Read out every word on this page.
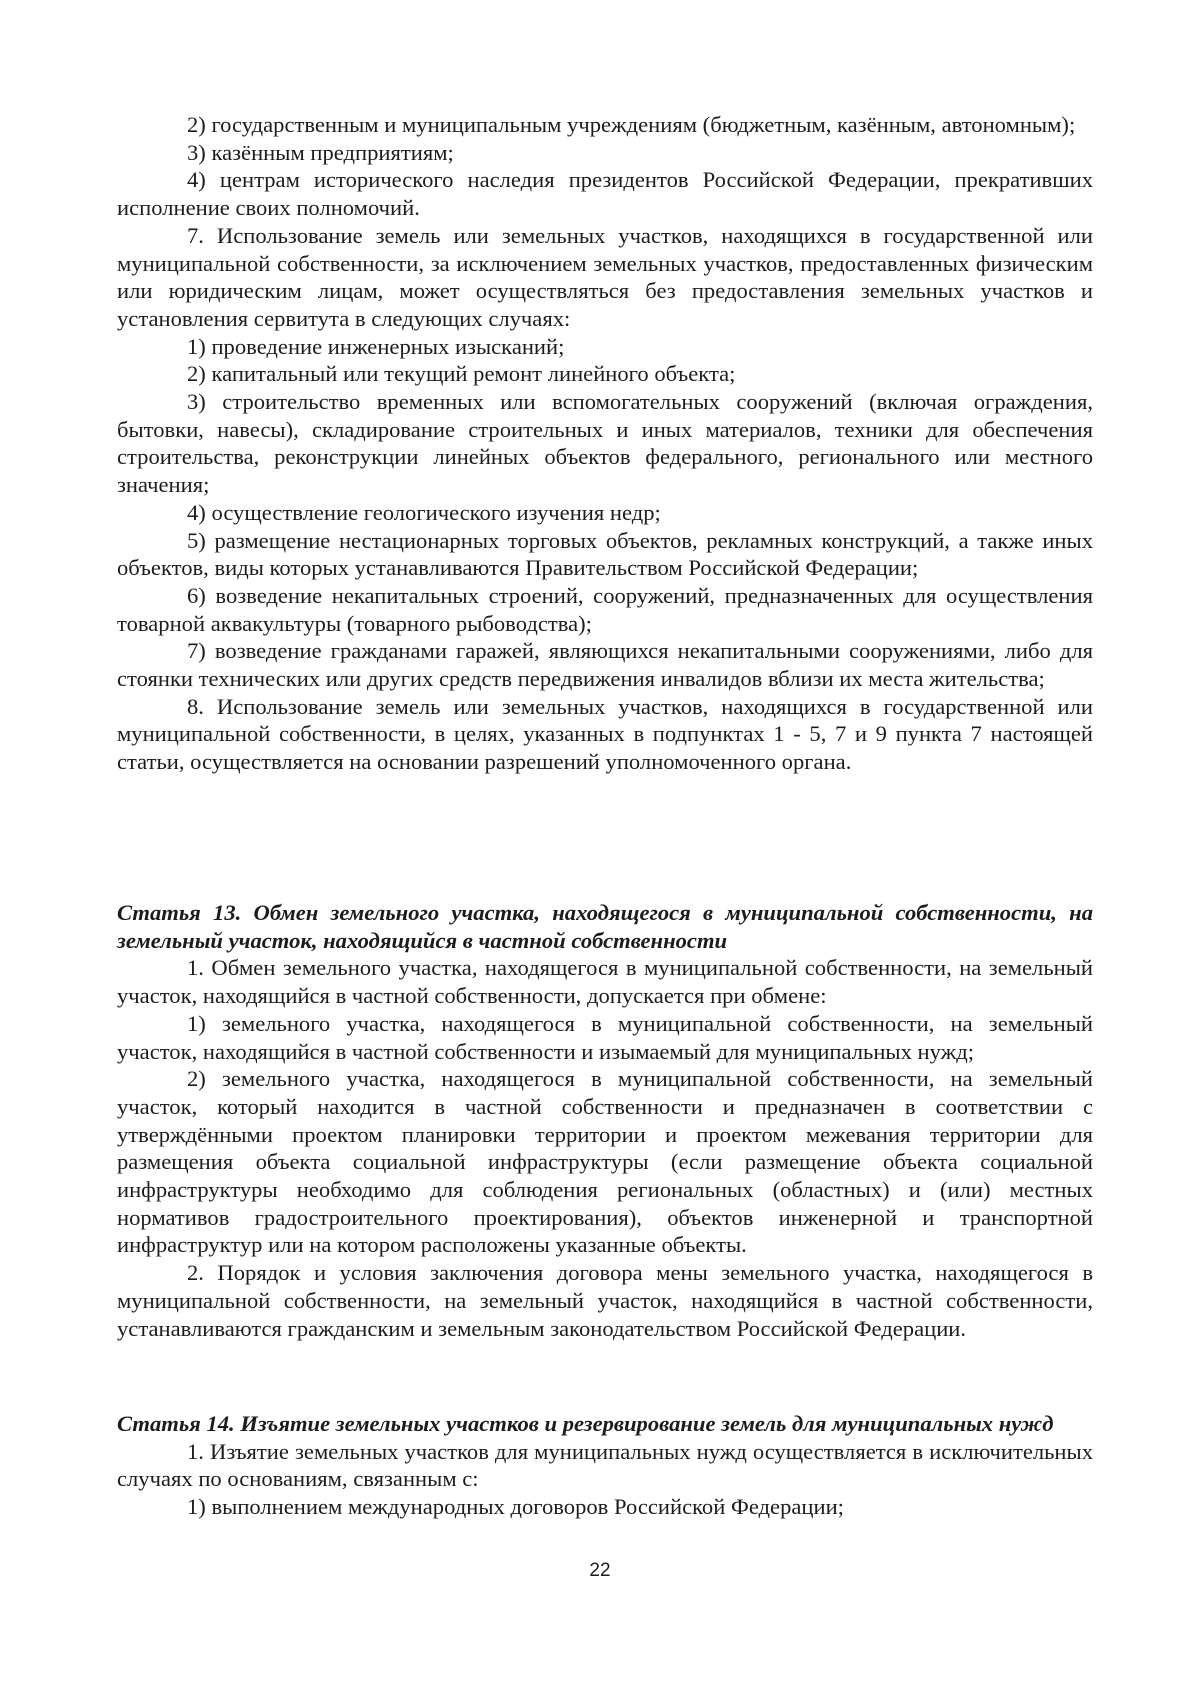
2) государственным и муниципальным учреждениям (бюджетным, казённым, автономным);

3) казённым предприятиям;

4) центрам исторического наследия президентов Российской Федерации, прекративших исполнение своих полномочий.

7. Использование земель или земельных участков, находящихся в государственной или муниципальной собственности, за исключением земельных участков, предоставленных физическим или юридическим лицам, может осуществляться без предоставления земельных участков и установления сервитута в следующих случаях:

1) проведение инженерных изысканий;

2) капитальный или текущий ремонт линейного объекта;

3) строительство временных или вспомогательных сооружений (включая ограждения, бытовки, навесы), складирование строительных и иных материалов, техники для обеспечения строительства, реконструкции линейных объектов федерального, регионального или местного значения;

4) осуществление геологического изучения недр;

5) размещение нестационарных торговых объектов, рекламных конструкций, а также иных объектов, виды которых устанавливаются Правительством Российской Федерации;

6) возведение некапитальных строений, сооружений, предназначенных для осуществления товарной аквакультуры (товарного рыбоводства);

7) возведение гражданами гаражей, являющихся некапитальными сооружениями, либо для стоянки технических или других средств передвижения инвалидов вблизи их места жительства;

8. Использование земель или земельных участков, находящихся в государственной или муниципальной собственности, в целях, указанных в подпунктах 1 - 5, 7 и 9 пункта 7 настоящей статьи, осуществляется на основании разрешений уполномоченного органа.

Статья 13. Обмен земельного участка, находящегося в муниципальной собственности, на земельный участок, находящийся в частной собственности

1. Обмен земельного участка, находящегося в муниципальной собственности, на земельный участок, находящийся в частной собственности, допускается при обмене:

1) земельного участка, находящегося в муниципальной собственности, на земельный участок, находящийся в частной собственности и изымаемый для муниципальных нужд;

2) земельного участка, находящегося в муниципальной собственности, на земельный участок, который находится в частной собственности и предназначен в соответствии с утверждёнными проектом планировки территории и проектом межевания территории для размещения объекта социальной инфраструктуры (если размещение объекта социальной инфраструктуры необходимо для соблюдения региональных (областных) и (или) местных нормативов градостроительного проектирования), объектов инженерной и транспортной инфраструктур или на котором расположены указанные объекты.

2. Порядок и условия заключения договора мены земельного участка, находящегося в муниципальной собственности, на земельный участок, находящийся в частной собственности, устанавливаются гражданским и земельным законодательством Российской Федерации.

Статья 14. Изъятие земельных участков и резервирование земель для муниципальных нужд

1. Изъятие земельных участков для муниципальных нужд осуществляется в исключительных случаях по основаниям, связанным с:

1) выполнением международных договоров Российской Федерации;

22
